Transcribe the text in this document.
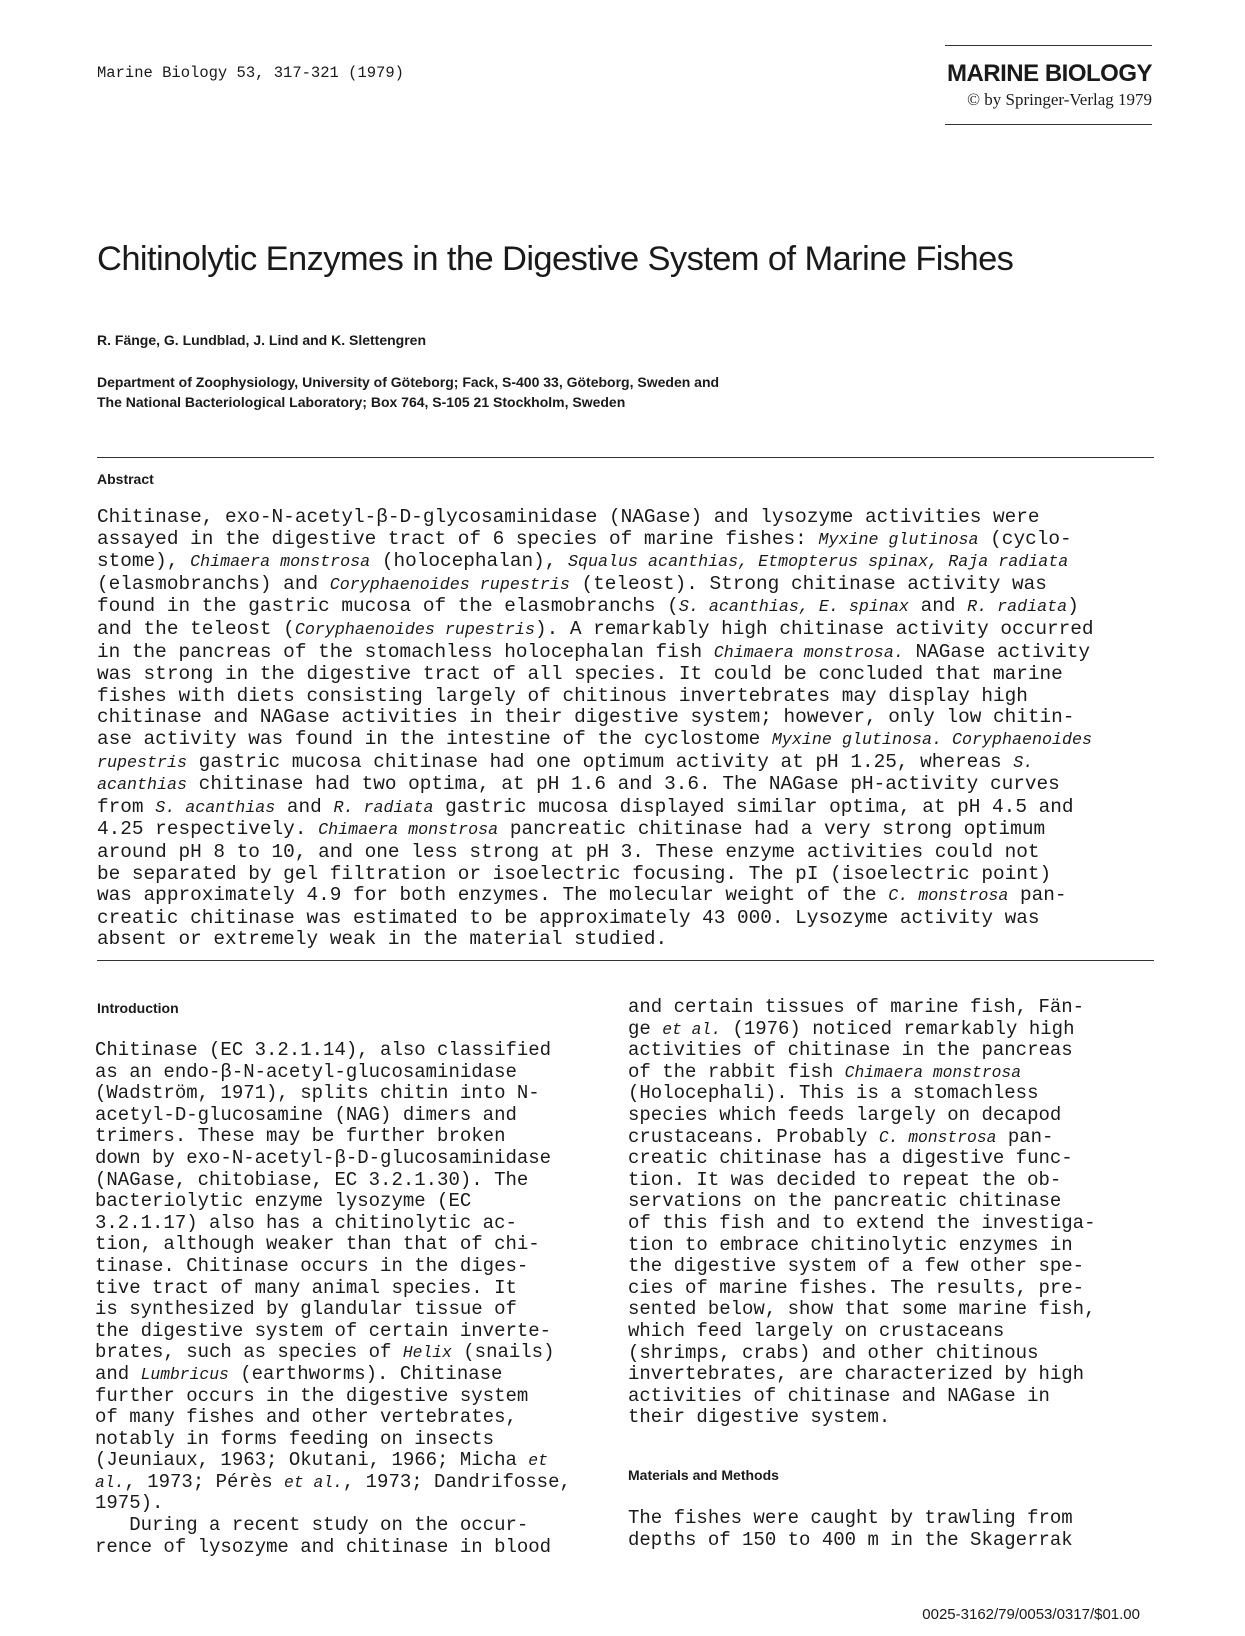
Marine Biology 53, 317-321 (1979)	MARINE BIOLOGY
© by Springer-Verlag 1979
Chitinolytic Enzymes in the Digestive System of Marine Fishes
R. Fänge, G. Lundblad, J. Lind and K. Slettengren
Department of Zoophysiology, University of Göteborg; Fack, S-400 33, Göteborg, Sweden and
The National Bacteriological Laboratory; Box 764, S-105 21 Stockholm, Sweden
Abstract
Chitinase, exo-N-acetyl-β-D-glycosaminidase (NAGase) and lysozyme activities were
assayed in the digestive tract of 6 species of marine fishes: Myxine glutinosa (cyclo-
stome), Chimaera monstrosa (holocephalan), Squalus acanthias, Etmopterus spinax, Raja radiata
(elasmobranchs) and Coryphaenoides rupestris (teleost). Strong chitinase activity was
found in the gastric mucosa of the elasmobranchs (S. acanthias, E. spinax and R. radiata)
and the teleost (Coryphaenoides rupestris). A remarkably high chitinase activity occurred
in the pancreas of the stomachless holocephalan fish Chimaera monstrosa. NAGase activity
was strong in the digestive tract of all species. It could be concluded that marine
fishes with diets consisting largely of chitinous invertebrates may display high
chitinase and NAGase activities in their digestive system; however, only low chitin-
ase activity was found in the intestine of the cyclostome Myxine glutinosa. Coryphaenoides
rupestris gastric mucosa chitinase had one optimum activity at pH 1.25, whereas S.
acanthias chitinase had two optima, at pH 1.6 and 3.6. The NAGase pH-activity curves
from S. acanthias and R. radiata gastric mucosa displayed similar optima, at pH 4.5 and
4.25 respectively. Chimaera monstrosa pancreatic chitinase had a very strong optimum
around pH 8 to 10, and one less strong at pH 3. These enzyme activities could not
be separated by gel filtration or isoelectric focusing. The pI (isoelectric point)
was approximately 4.9 for both enzymes. The molecular weight of the C. monstrosa pan-
creatic chitinase was estimated to be approximately 43 000. Lysozyme activity was
absent or extremely weak in the material studied.
Introduction
Chitinase (EC 3.2.1.14), also classified
as an endo-β-N-acetyl-glucosaminidase
(Wadström, 1971), splits chitin into N-
acetyl-D-glucosamine (NAG) dimers and
trimers. These may be further broken
down by exo-N-acetyl-β-D-glucosaminidase
(NAGase, chitobiase, EC 3.2.1.30). The
bacteriolytic enzyme lysozyme (EC
3.2.1.17) also has a chitinolytic ac-
tion, although weaker than that of chi-
tinase. Chitinase occurs in the diges-
tive tract of many animal species. It
is synthesized by glandular tissue of
the digestive system of certain inverte-
brates, such as species of Helix (snails)
and Lumbricus (earthworms). Chitinase
further occurs in the digestive system
of many fishes and other vertebrates,
notably in forms feeding on insects
(Jeuniaux, 1963; Okutani, 1966; Micha et
al., 1973; Pérès et al., 1973; Dandrifosse,
1975).
During a recent study on the occur-
rence of lysozyme and chitinase in blood
and certain tissues of marine fish, Fän-
ge et al. (1976) noticed remarkably high
activities of chitinase in the pancreas
of the rabbit fish Chimaera monstrosa
(Holocephali). This is a stomachless
species which feeds largely on decapod
crustaceans. Probably C. monstrosa pan-
creatic chitinase has a digestive func-
tion. It was decided to repeat the ob-
servations on the pancreatic chitinase
of this fish and to extend the investiga-
tion to embrace chitinolytic enzymes in
the digestive system of a few other spe-
cies of marine fishes. The results, pre-
sented below, show that some marine fish,
which feed largely on crustaceans
(shrimps, crabs) and other chitinous
invertebrates, are characterized by high
activities of chitinase and NAGase in
their digestive system.
Materials and Methods
The fishes were caught by trawling from
depths of 150 to 400 m in the Skagerrak
0025-3162/79/0053/0317/$01.00
